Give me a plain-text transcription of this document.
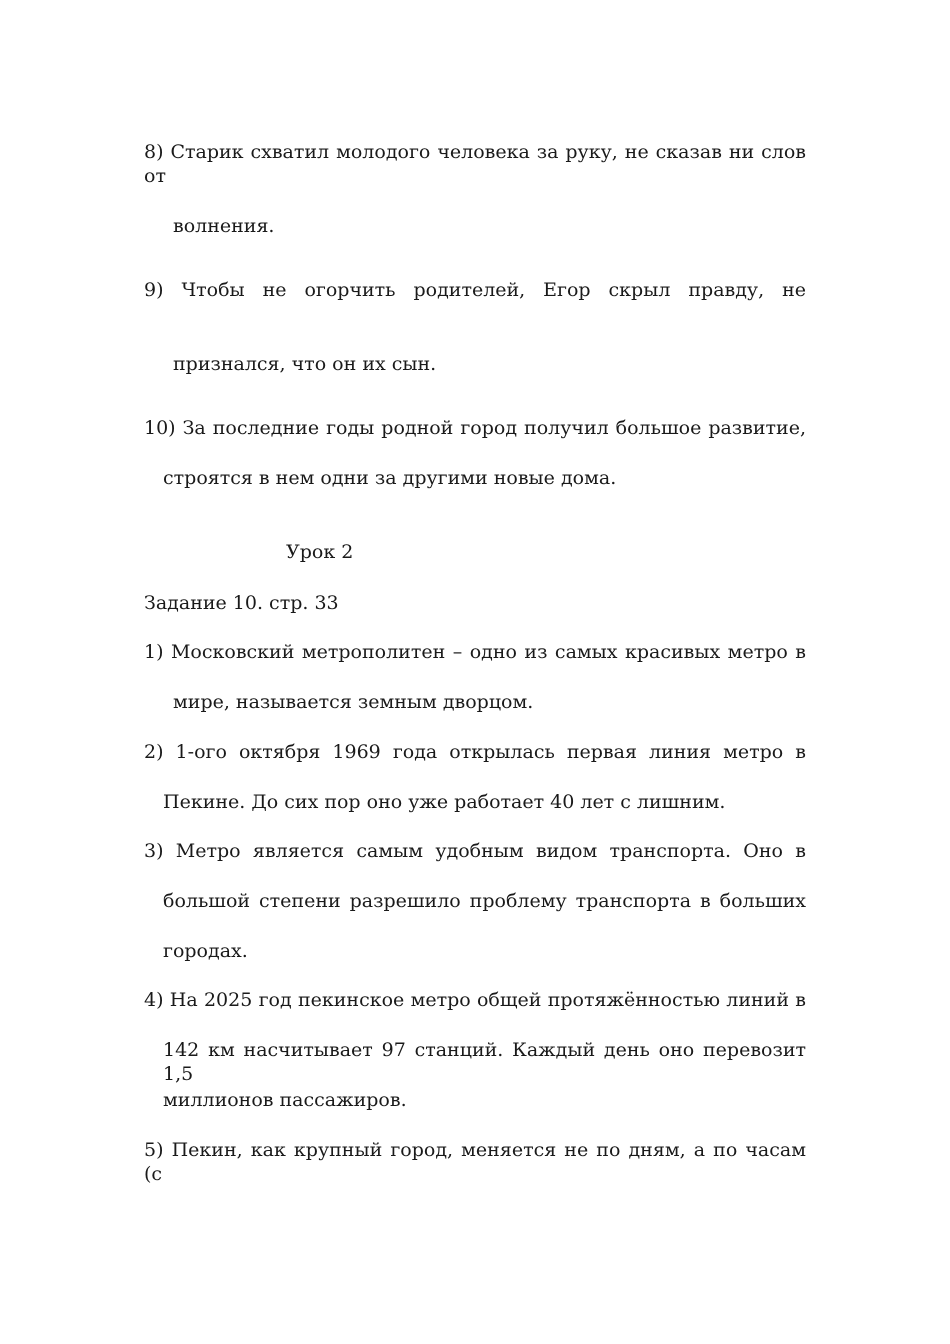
8) Старик схватил молодого человека за руку, не сказав ни слов от

волнения.

9) Чтобы не огорчить родителей, Егор скрыл правду, не

признался, что он их сын.

10) За последние годы родной город получил большое развитие,

строятся в нем одни за другими новые дома.

Урок 2

Задание 10. стр. 33

1) Московский метрополитен – одно из самых красивых метро в

мире, называется земным дворцом.

2) 1-ого октября 1969 года открылась первая линия метро в

Пекине. До сих пор оно уже работает 40 лет с лишним.

3) Метро является самым удобным видом транспорта. Оно в

большой степени разрешило проблему транспорта в больших

городах.

4) На 2025 год пекинское метро общей протяжённостью линий в

142 км насчитывает 97 станций. Каждый день оно перевозит 1,5

миллионов пассажиров.

5) Пекин, как крупный город, меняется не по дням, а по часам (с
